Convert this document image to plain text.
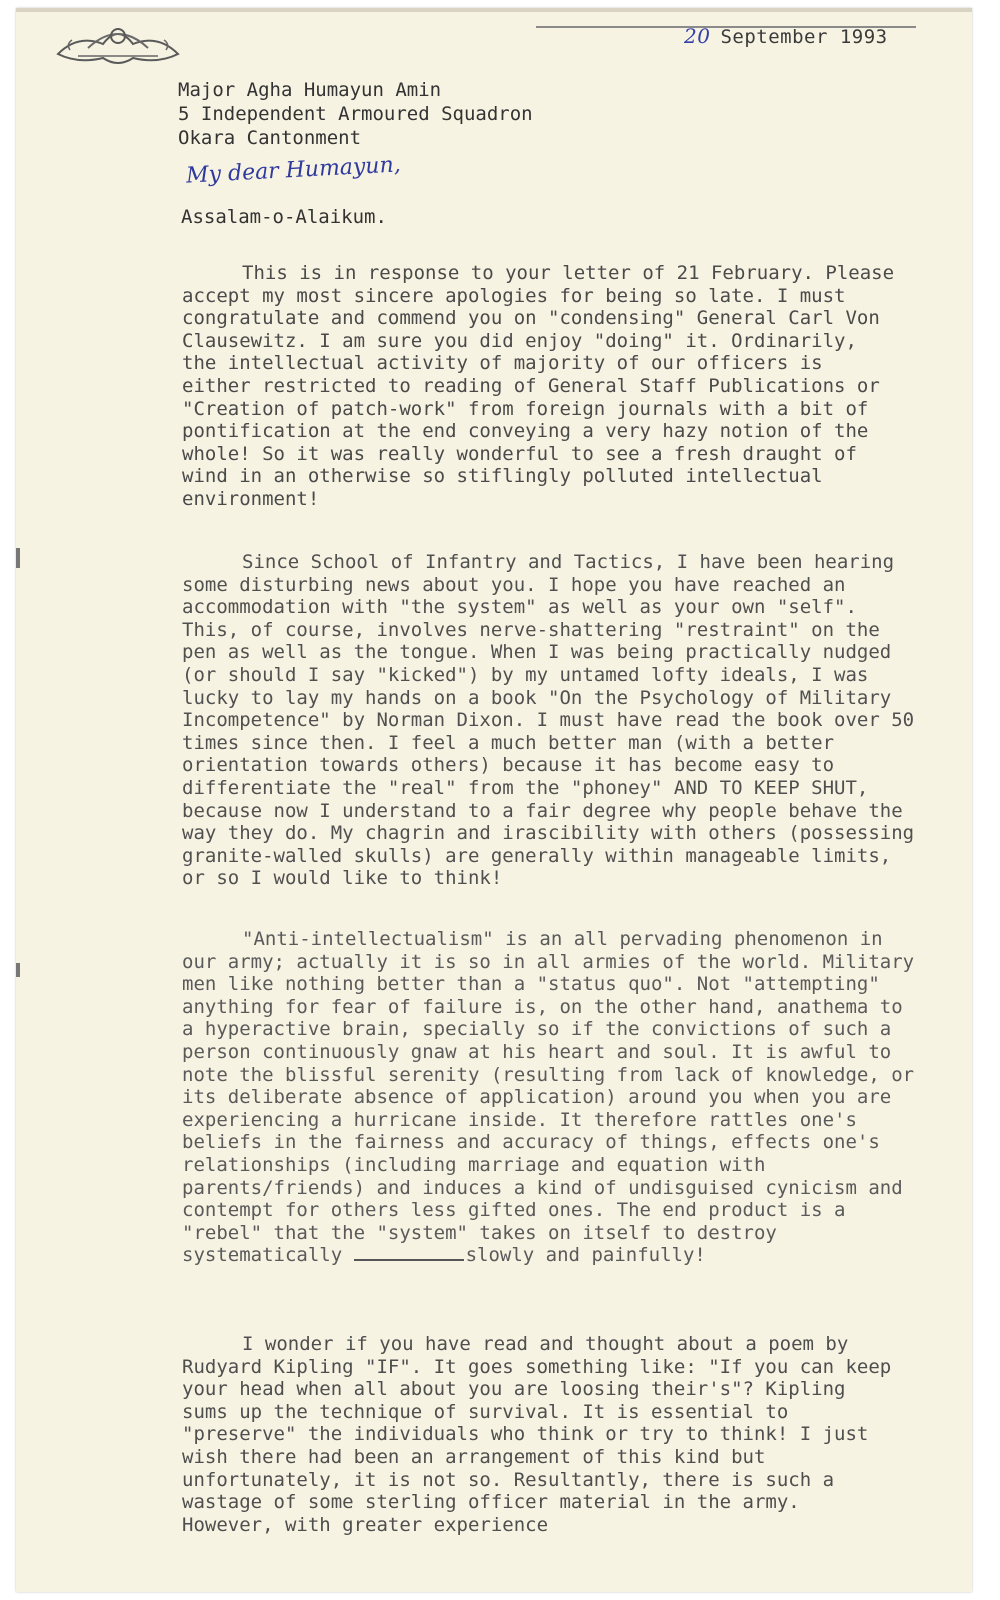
20 September 1993
Major Agha Humayun Amin
5 Independent Armoured Squadron
Okara Cantonment
My dear Humayun,
Assalam-o-Alaikum.

This is in response to your letter of 21 February. Please accept my most sincere apologies for being so late. I must congratulate and commend you on "condensing" General Carl Von Clausewitz. I am sure you did enjoy "doing" it. Ordinarily, the intellectual activity of majority of our officers is either restricted to reading of General Staff Publications or "Creation of patch-work" from foreign journals with a bit of pontification at the end conveying a very hazy notion of the whole! So it was really wonderful to see a fresh draught of wind in an otherwise so stiflingly polluted intellectual environment!

Since School of Infantry and Tactics, I have been hearing some disturbing news about you. I hope you have reached an accommodation with "the system" as well as your own "self". This, of course, involves nerve-shattering "restraint" on the pen as well as the tongue. When I was being practically nudged (or should I say "kicked") by my untamed lofty ideals, I was lucky to lay my hands on a book "On the Psychology of Military Incompetence" by Norman Dixon. I must have read the book over 50 times since then. I feel a much better man (with a better orientation towards others) because it has become easy to differentiate the "real" from the "phoney" AND TO KEEP SHUT, because now I understand to a fair degree why people behave the way they do. My chagrin and irascibility with others (possessing granite-walled skulls) are generally within manageable limits, or so I would like to think!

"Anti-intellectualism" is an all pervading phenomenon in our army; actually it is so in all armies of the world. Military men like nothing better than a "status quo". Not "attempting" anything for fear of failure is, on the other hand, anathema to a hyperactive brain, specially so if the convictions of such a person continuously gnaw at his heart and soul. It is awful to note the blissful serenity (resulting from lack of knowledge, or its deliberate absence of application) around you when you are experiencing a hurricane inside. It therefore rattles one's beliefs in the fairness and accuracy of things, effects one's relationships (including marriage and equation with parents/friends) and induces a kind of undisguised cynicism and contempt for others less gifted ones. The end product is a "rebel" that the "system" takes on itself to destroy systematically	slowly and painfully!

I wonder if you have read and thought about a poem by Rudyard Kipling "IF". It goes something like: "If you can keep your head when all about you are loosing their's"? Kipling sums up the technique of survival. It is essential to "preserve" the individuals who think or try to think! I just wish there had been an arrangement of this kind but unfortunately, it is not so. Resultantly, there is such a wastage of some sterling officer material in the army. However, with greater experience
